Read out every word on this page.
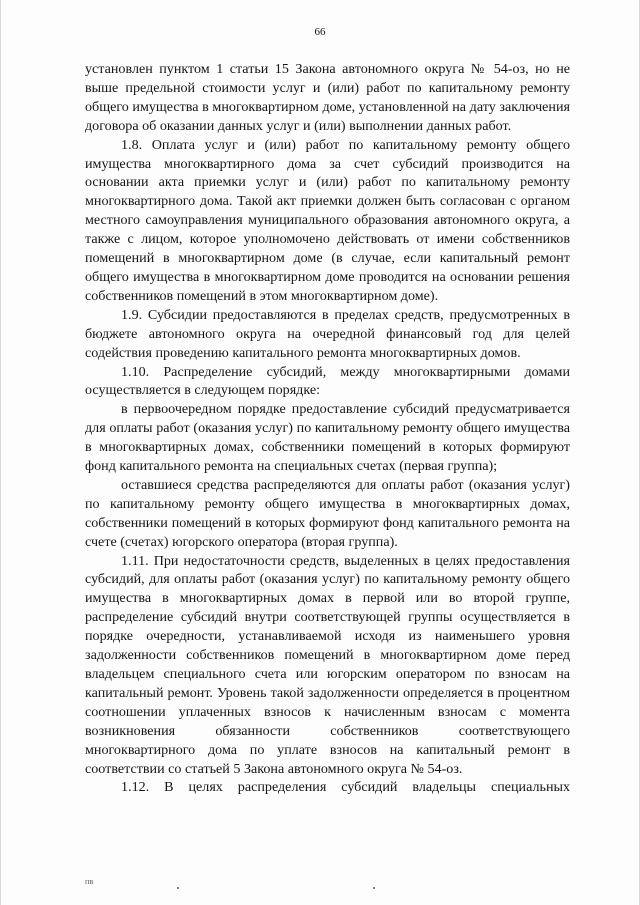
66

установлен пунктом 1 статьи 15 Закона автономного округа № 54-оз, но не выше предельной стоимости услуг и (или) работ по капитальному ремонту общего имущества в многоквартирном доме, установленной на дату заключения договора об оказании данных услуг и (или) выполнении данных работ.

1.8. Оплата услуг и (или) работ по капитальному ремонту общего имущества многоквартирного дома за счет субсидий производится на основании акта приемки услуг и (или) работ по капитальному ремонту многоквартирного дома. Такой акт приемки должен быть согласован с органом местного самоуправления муниципального образования автономного округа, а также с лицом, которое уполномочено действовать от имени собственников помещений в многоквартирном доме (в случае, если капитальный ремонт общего имущества в многоквартирном доме проводится на основании решения собственников помещений в этом многоквартирном доме).

1.9. Субсидии предоставляются в пределах средств, предусмотренных в бюджете автономного округа на очередной финансовый год для целей содействия проведению капитального ремонта многоквартирных домов.

1.10. Распределение субсидий, между многоквартирными домами осуществляется в следующем порядке:

в первоочередном порядке предоставление субсидий предусматривается для оплаты работ (оказания услуг) по капитальному ремонту общего имущества в многоквартирных домах, собственники помещений в которых формируют фонд капитального ремонта на специальных счетах (первая группа);

оставшиеся средства распределяются для оплаты работ (оказания услуг) по капитальному ремонту общего имущества в многоквартирных домах, собственники помещений в которых формируют фонд капитального ремонта на счете (счетах) югорского оператора (вторая группа).

1.11. При недостаточности средств, выделенных в целях предоставления субсидий, для оплаты работ (оказания услуг) по капитальному ремонту общего имущества в многоквартирных домах в первой или во второй группе, распределение субсидий внутри соответствующей группы осуществляется в порядке очередности, устанавливаемой исходя из наименьшего уровня задолженности собственников помещений в многоквартирном доме перед владельцем специального счета или югорским оператором по взносам на капитальный ремонт. Уровень такой задолженности определяется в процентном соотношении уплаченных взносов к начисленным взносам с момента возникновения обязанности собственников соответствующего многоквартирного дома по уплате взносов на капитальный ремонт в соответствии со статьей 5 Закона автономного округа № 54-оз.

1.12. В целях распределения субсидий владельцы специальных

ПВ
